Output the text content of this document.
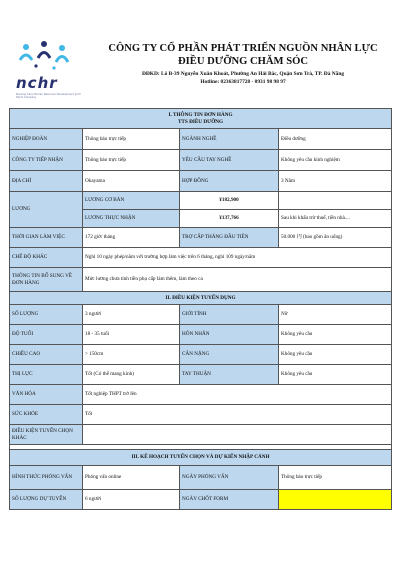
nchr
Nursing Care Human Resource Development Joint Stock Company
CÔNG TY CỔ PHẦN PHÁT TRIỂN NGUỒN NHÂN LỰC
ĐIỀU DƯỠNG CHĂM SÓC
ĐĐKD: Lô B-39 Nguyễn Xuân Khoát, Phường An Hải Bắc, Quận Sơn Trà, TP. Đà Nẵng
Hotline: 02363817728 - 0931 98 98 97
I. THÔNG TIN ĐƠN HÀNG
TTS ĐIỀU DƯỠNG			

NGHIỆP ĐOÀN	Thông báo trực tiếp	NGÀNH NGHỀ	Điều dưỡng
CÔNG TY TIẾP NHẬN	Thông báo trực tiếp	YÊU CẦU TAY NGHỀ	Không yêu cầu kinh nghiệm
ĐỊA CHỈ	Okayama	HỢP ĐỒNG	3 Năm
LƯƠNG	LƯƠNG CƠ BẢN	¥182,900	
	LƯƠNG THỰC NHẬN	¥137,766	Sau khi khấu trừ thuế, tiền nhà....
THỜI GIAN LÀM VIỆC	172 giờ/ tháng	TRỢ CẤP THÁNG ĐẦU TIÊN	50.000 円 (bao gồm ăn uống)
CHẾ ĐỘ KHÁC	Nghỉ 10 ngày phép/năm với trường hợp làm việc trên 6 tháng, nghỉ 109 ngày/năm		
THÔNG TIN BỔ SUNG VỀ ĐƠN HÀNG	Mức lương chưa tính tiền phụ cấp làm thêm, làm theo ca		
II. ĐIỀU KIỆN TUYỂN DỤNG			
SỐ LƯỢNG	3 người	GIỚI TÍNH	Nữ
ĐỘ TUỔI	18 - 35 tuổi	HÔN NHÂN	Không yêu cầu
CHIỀU CAO	> 150cm	CÂN NẶNG	Không yêu cầu
THỊ LỰC	Tốt (Có thể mang kính)	TAY THUẬN	Không yêu cầu
VĂN HÓA	Tốt nghiệp THPT trở lên		
SỨC KHỎE	Tốt		
ĐIỀU KIỆN TUYỂN CHỌN KHÁC			

III. KẾ HOẠCH TUYỂN CHỌN VÀ DỰ KIẾN NHẬP CẢNH			
HÌNH THỨC PHỎNG VẤN	Phỏng vấn online	NGÀY PHỎNG VẤN	Thông báo trực tiếp
SỐ LƯỢNG DỰ TUYỂN	6 người	NGÀY CHỐT FORM	
